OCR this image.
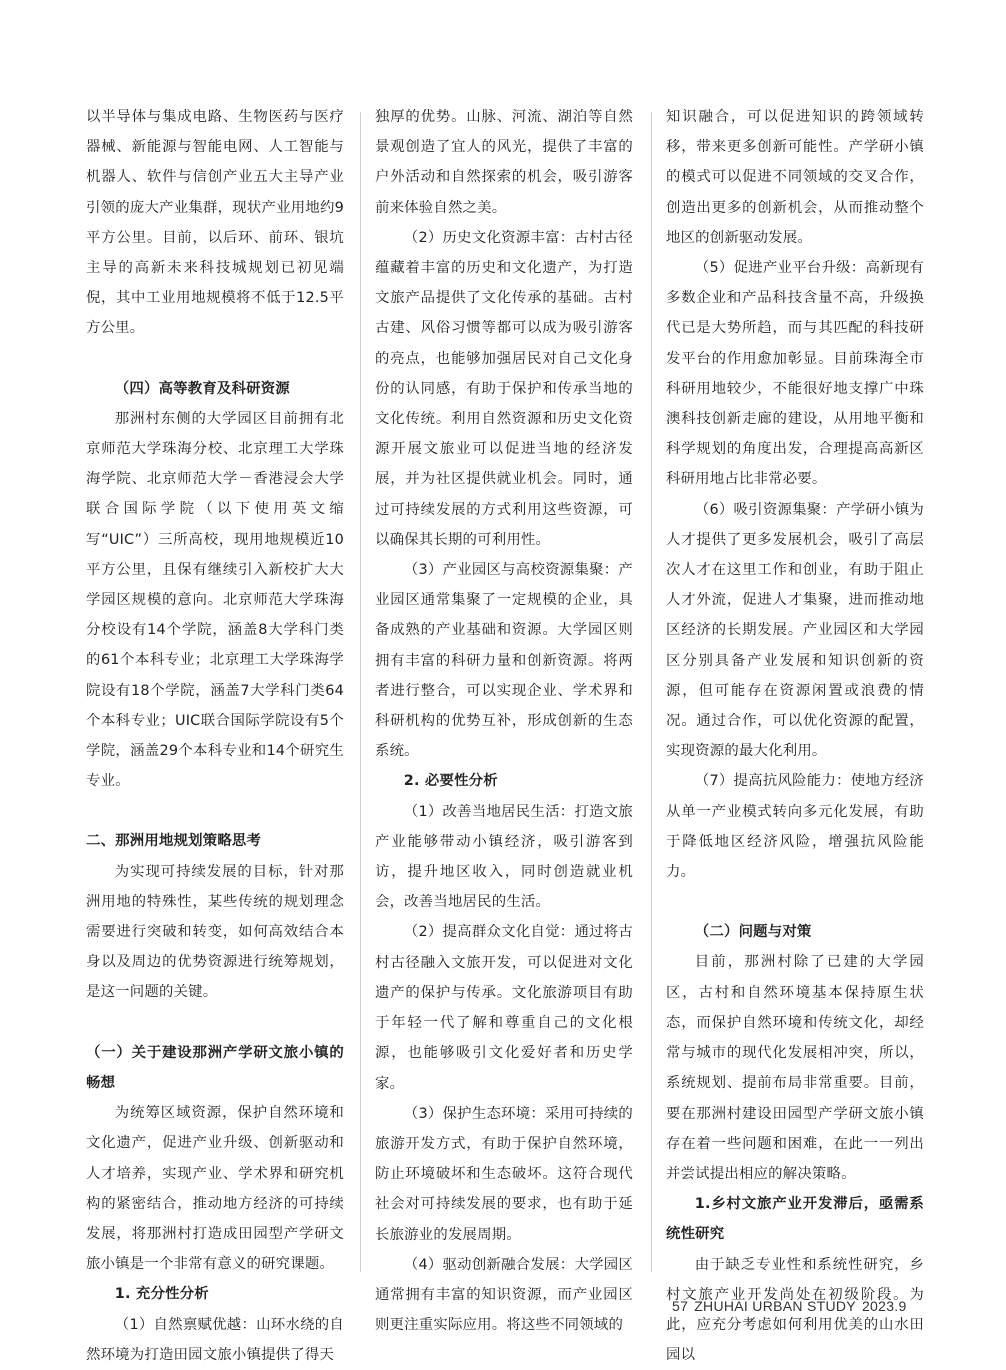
以半导体与集成电路、生物医药与医疗器械、新能源与智能电网、人工智能与机器人、软件与信创产业五大主导产业引领的庞大产业集群，现状产业用地约9平方公里。目前，以后环、前环、银坑主导的高新未来科技城规划已初见端倪，其中工业用地规模将不低于12.5平方公里。

（四）高等教育及科研资源

那洲村东侧的大学园区目前拥有北京师范大学珠海分校、北京理工大学珠海学院、北京师范大学－香港浸会大学联合国际学院（以下使用英文缩写“UIC”）三所高校，现用地规模近10平方公里，且保有继续引入新校扩大大学园区规模的意向。北京师范大学珠海分校设有14个学院，涵盖8大学科门类的61个本科专业；北京理工大学珠海学院设有18个学院，涵盖7大学科门类64个本科专业；UIC联合国际学院设有5个学院，涵盖29个本科专业和14个研究生专业。

二、那洲用地规划策略思考

为实现可持续发展的目标，针对那洲用地的特殊性，某些传统的规划理念需要进行突破和转变，如何高效结合本身以及周边的优势资源进行统筹规划，是这一问题的关键。

（一）关于建设那洲产学研文旅小镇的畅想

为统筹区域资源，保护自然环境和文化遗产，促进产业升级、创新驱动和人才培养，实现产业、学术界和研究机构的紧密结合，推动地方经济的可持续发展，将那洲村打造成田园型产学研文旅小镇是一个非常有意义的研究课题。

1. 充分性分析

（1）自然禀赋优越：山环水绕的自然环境为打造田园文旅小镇提供了得天

独厚的优势。山脉、河流、湖泊等自然景观创造了宜人的风光，提供了丰富的户外活动和自然探索的机会，吸引游客前来体验自然之美。

（2）历史文化资源丰富：古村古径蕴藏着丰富的历史和文化遗产，为打造文旅产品提供了文化传承的基础。古村古建、风俗习惯等都可以成为吸引游客的亮点，也能够加强居民对自己文化身份的认同感，有助于保护和传承当地的文化传统。利用自然资源和历史文化资源开展文旅业可以促进当地的经济发展，并为社区提供就业机会。同时，通过可持续发展的方式利用这些资源，可以确保其长期的可利用性。

（3）产业园区与高校资源集聚：产业园区通常集聚了一定规模的企业，具备成熟的产业基础和资源。大学园区则拥有丰富的科研力量和创新资源。将两者进行整合，可以实现企业、学术界和科研机构的优势互补，形成创新的生态系统。

2. 必要性分析

（1）改善当地居民生活：打造文旅产业能够带动小镇经济，吸引游客到访，提升地区收入，同时创造就业机会，改善当地居民的生活。

（2）提高群众文化自觉：通过将古村古径融入文旅开发，可以促进对文化遗产的保护与传承。文化旅游项目有助于年轻一代了解和尊重自己的文化根源，也能够吸引文化爱好者和历史学家。

（3）保护生态环境：采用可持续的旅游开发方式，有助于保护自然环境，防止环境破坏和生态破坏。这符合现代社会对可持续发展的要求，也有助于延长旅游业的发展周期。

（4）驱动创新融合发展：大学园区通常拥有丰富的知识资源，而产业园区则更注重实际应用。将这些不同领域的

知识融合，可以促进知识的跨领域转移，带来更多创新可能性。产学研小镇的模式可以促进不同领域的交叉合作，创造出更多的创新机会，从而推动整个地区的创新驱动发展。

（5）促进产业平台升级：高新现有多数企业和产品科技含量不高，升级换代已是大势所趋，而与其匹配的科技研发平台的作用愈加彰显。目前珠海全市科研用地较少，不能很好地支撑广中珠澳科技创新走廊的建设，从用地平衡和科学规划的角度出发，合理提高高新区科研用地占比非常必要。

（6）吸引资源集聚：产学研小镇为人才提供了更多发展机会，吸引了高层次人才在这里工作和创业，有助于阻止人才外流，促进人才集聚，进而推动地区经济的长期发展。产业园区和大学园区分别具备产业发展和知识创新的资源，但可能存在资源闲置或浪费的情况。通过合作，可以优化资源的配置，实现资源的最大化利用。

（7）提高抗风险能力：使地方经济从单一产业模式转向多元化发展，有助于降低地区经济风险，增强抗风险能力。

（二）问题与对策

目前，那洲村除了已建的大学园区，古村和自然环境基本保持原生状态，而保护自然环境和传统文化，却经常与城市的现代化发展相冲突，所以，系统规划、提前布局非常重要。目前，要在那洲村建设田园型产学研文旅小镇存在着一些问题和困难，在此一一列出并尝试提出相应的解决策略。

1.乡村文旅产业开发滞后，亟需系统性研究

由于缺乏专业性和系统性研究，乡村文旅产业开发尚处在初级阶段。为此，应充分考虑如何利用优美的山水田园以

57 ZHUHAI URBAN STUDY 2023.9
